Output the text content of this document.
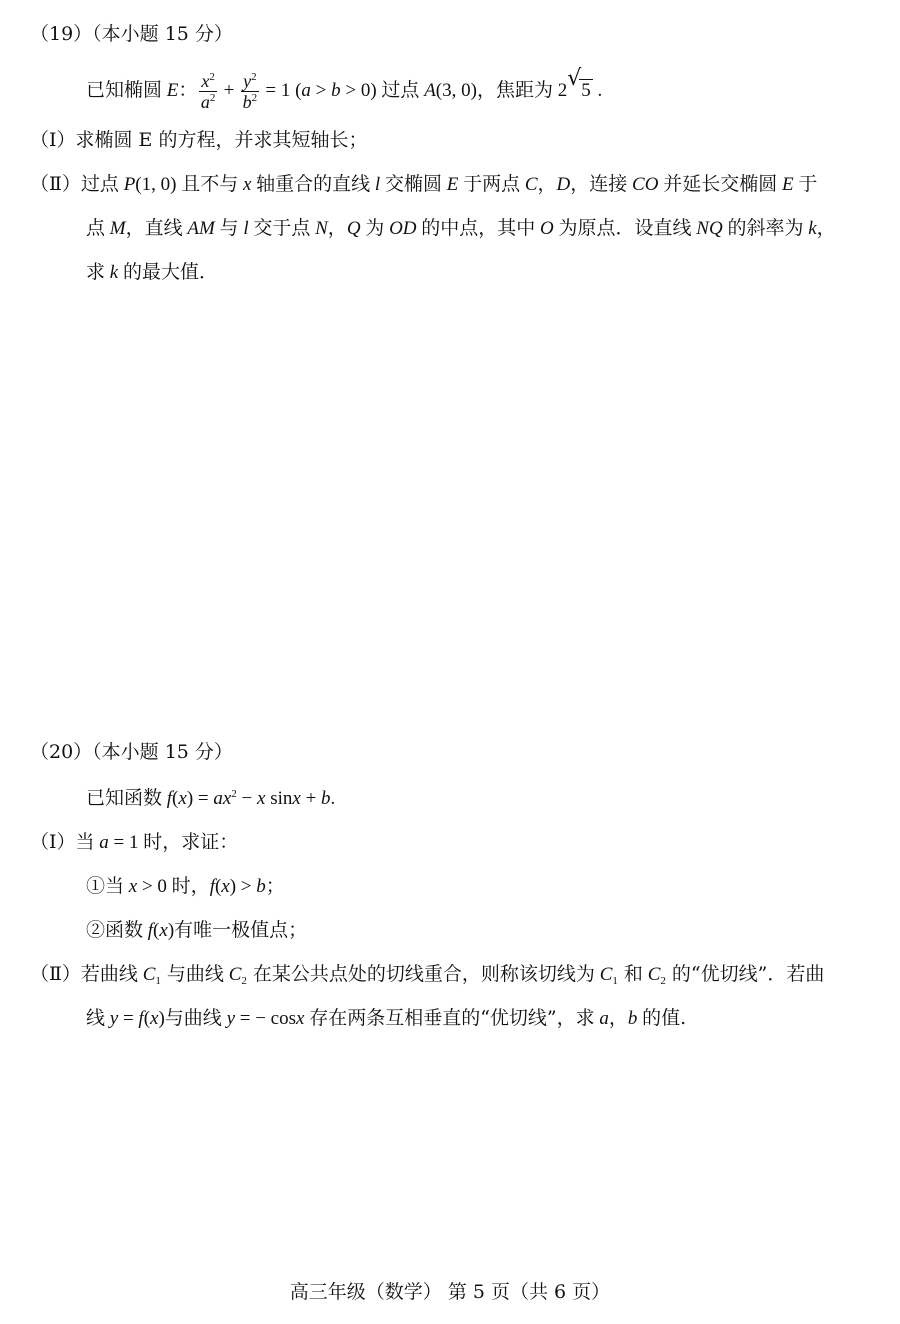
（19）（本小题 15 分）
已知椭圆 E： $\frac{x^2}{a^2} + \frac{y^2}{b^2} = 1$ (a > b > 0) 过点 A(3, 0)，焦距为 2 √ 5 .
（Ⅰ）求椭圆 E 的方程，并求其短轴长；
（Ⅱ）过点 P(1, 0) 且不与 x 轴重合的直线 l 交椭圆 E 于两点 C，D，连接 CO 并延长交椭圆 E 于
点 M，直线 AM 与 l 交于点 N，Q 为 OD 的中点，其中 O 为原点．设直线 NQ 的斜率为 k，
求 k 的最大值．
（20）（本小题 15 分）
已知函数 $f(x) = ax^2 - x$ sinx + b.
（Ⅰ）当 a = 1 时，求证：
①当 x > 0 时，f(x) > b；
②函数 f(x)有唯一极值点；
（Ⅱ）若曲线 $C_1$ 与曲线 $C_2$ 在某公共点处的切线重合，则称该切线为 $C_1$ 和 $C_2$ 的“优切线”．若曲
线 y = f(x)与曲线 y = − cosx 存在两条互相垂直的“优切线”，求 a，b 的值.
高三年级（数学） 第 5 页（共 6 页）
